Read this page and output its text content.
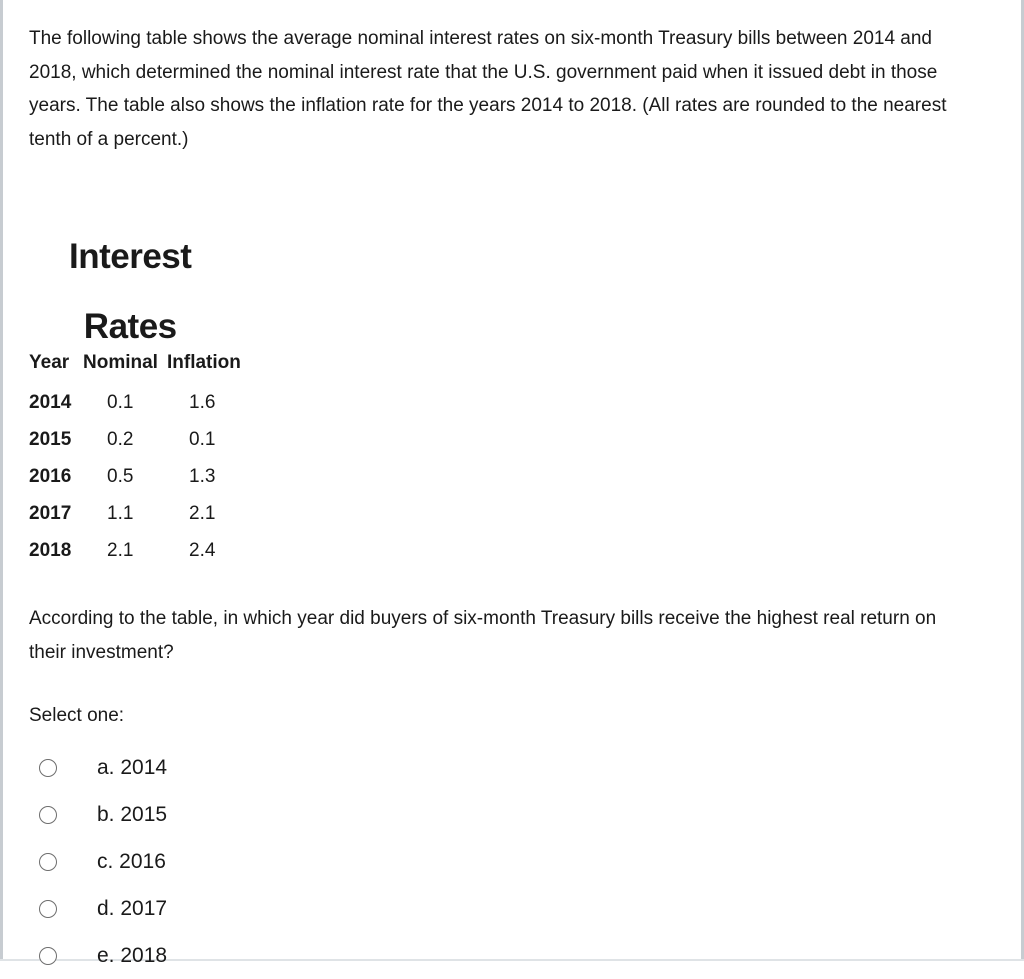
The following table shows the average nominal interest rates on six-month Treasury bills between 2014 and 2018, which determined the nominal interest rate that the U.S. government paid when it issued debt in those years. The table also shows the inflation rate for the years 2014 to 2018. (All rates are rounded to the nearest tenth of a percent.)

Interest
Rates
Year	Nominal	Inflation
2014	0.1	1.6
2015	0.2	0.1
2016	0.5	1.3
2017	1.1	2.1
2018	2.1	2.4

According to the table, in which year did buyers of six-month Treasury bills receive the highest real return on their investment?

Select one:
a. 2014
b. 2015
c. 2016
d. 2017
e. 2018
